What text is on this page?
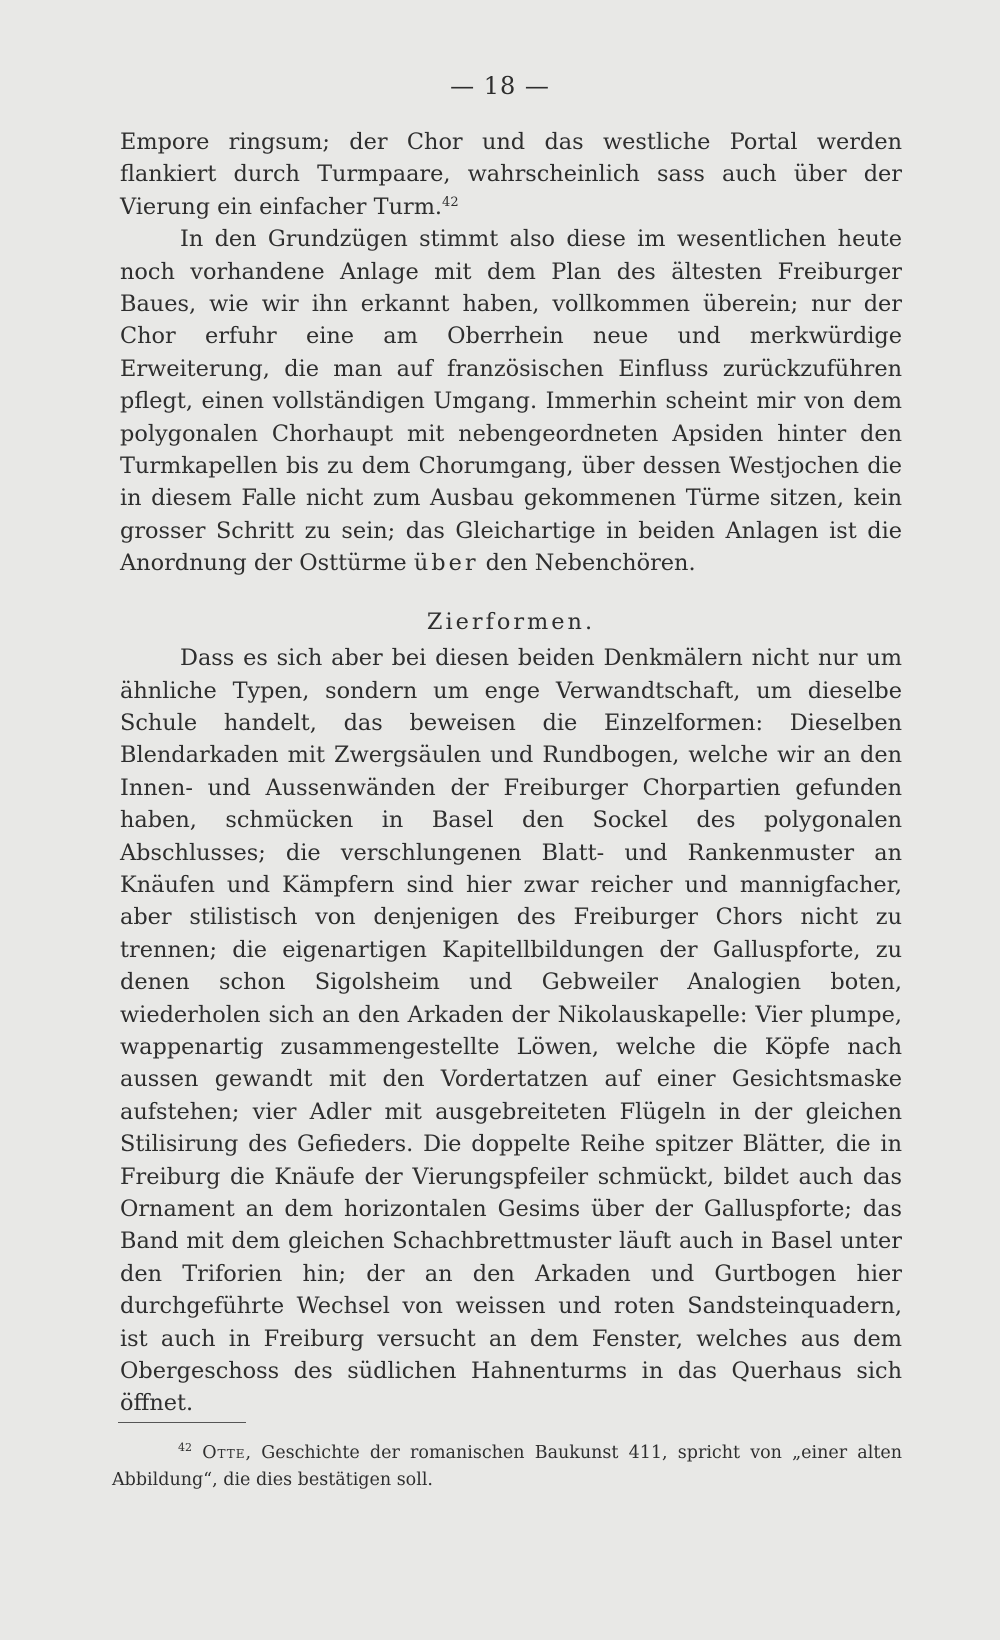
— 18 —

Empore ringsum; der Chor und das westliche Portal werden flankiert durch Turmpaare, wahrscheinlich sass auch über der Vierung ein einfacher Turm.$^{42}$

In den Grundzügen stimmt also diese im wesentlichen heute noch vorhandene Anlage mit dem Plan des ältesten Freiburger Baues, wie wir ihn erkannt haben, vollkommen überein; nur der Chor erfuhr eine am Oberrhein neue und merkwürdige Erweiterung, die man auf französischen Einfluss zurückzuführen pflegt, einen vollständigen Umgang. Immerhin scheint mir von dem polygonalen Chorhaupt mit nebengeordneten Apsiden hinter den Turmkapellen bis zu dem Chorumgang, über dessen Westjochen die in diesem Falle nicht zum Ausbau gekommenen Türme sitzen, kein grosser Schritt zu sein; das Gleichartige in beiden Anlagen ist die Anordnung der Osttürme über den Nebenchören.

Zierformen.

Dass es sich aber bei diesen beiden Denkmälern nicht nur um ähnliche Typen, sondern um enge Verwandtschaft, um dieselbe Schule handelt, das beweisen die Einzelformen: Dieselben Blendarkaden mit Zwergsäulen und Rundbogen, welche wir an den Innen- und Aussenwänden der Freiburger Chorpartien gefunden haben, schmücken in Basel den Sockel des polygonalen Abschlusses; die verschlungenen Blatt- und Rankenmuster an Knäufen und Kämpfern sind hier zwar reicher und mannigfacher, aber stilistisch von denjenigen des Freiburger Chors nicht zu trennen; die eigenartigen Kapitellbildungen der Galluspforte, zu denen schon Sigolsheim und Gebweiler Analogien boten, wiederholen sich an den Arkaden der Nikolauskapelle: Vier plumpe, wappenartig zusammengestellte Löwen, welche die Köpfe nach aussen gewandt mit den Vordertatzen auf einer Gesichtsmaske aufstehen; vier Adler mit ausgebreiteten Flügeln in der gleichen Stilisirung des Gefieders. Die doppelte Reihe spitzer Blätter, die in Freiburg die Knäufe der Vierungspfeiler schmückt, bildet auch das Ornament an dem horizontalen Gesims über der Galluspforte; das Band mit dem gleichen Schachbrettmuster läuft auch in Basel unter den Triforien hin; der an den Arkaden und Gurtbogen hier durchgeführte Wechsel von weissen und roten Sandsteinquadern, ist auch in Freiburg versucht an dem Fenster, welches aus dem Obergeschoss des südlichen Hahnenturms in das Querhaus sich öffnet.

$^{42}$ Otte, Geschichte der romanischen Baukunst 411, spricht von „einer alten Abbildung“, die dies bestätigen soll.
